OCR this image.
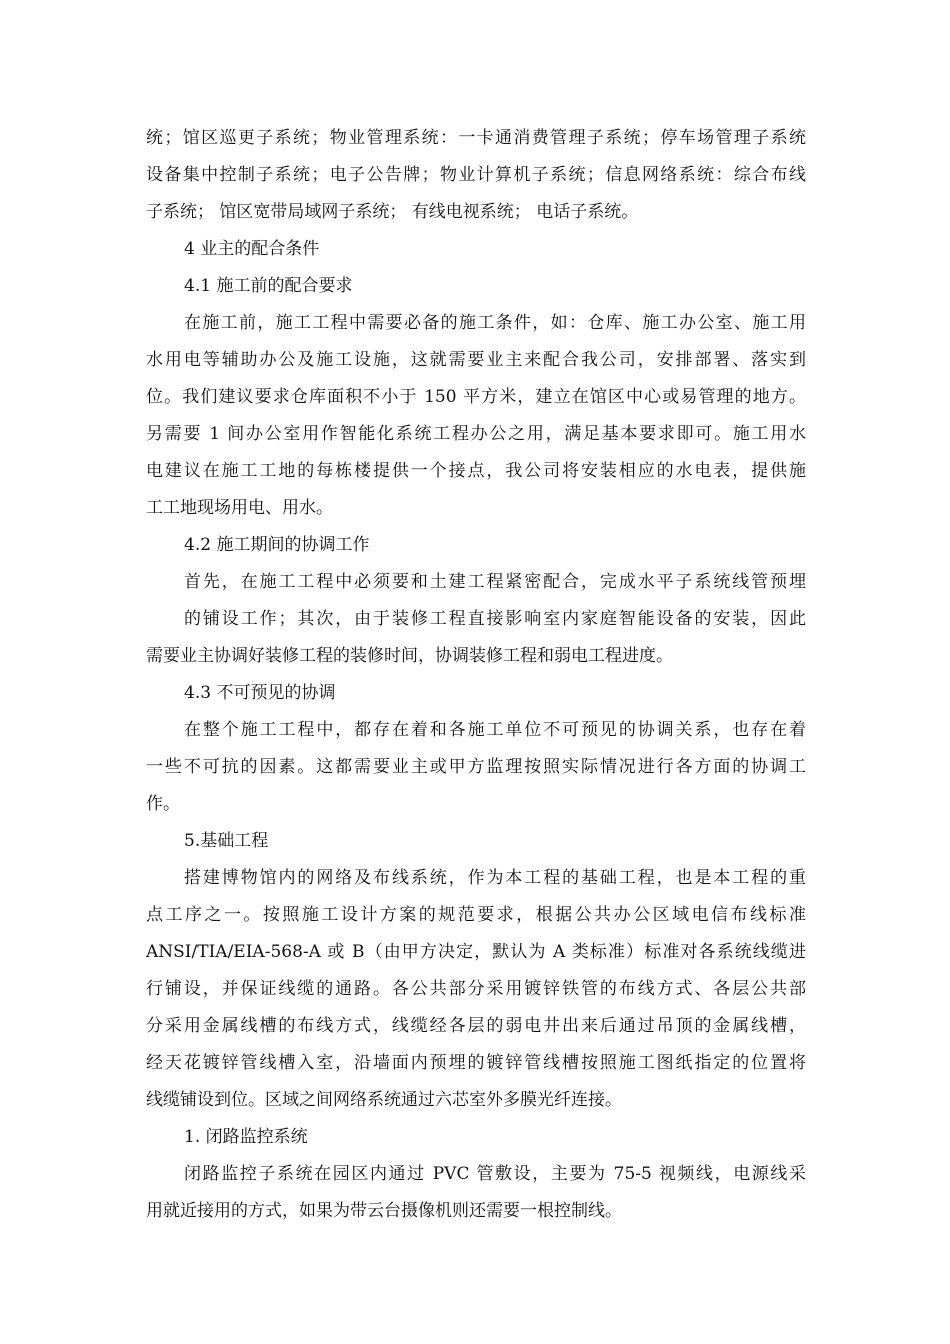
统；馆区巡更子系统；物业管理系统：一卡通消费管理子系统；停车场管理子系统
设备集中控制子系统；电子公告牌；物业计算机子系统；信息网络系统：综合布线
子系统； 馆区宽带局域网子系统； 有线电视系统； 电话子系统。
4 业主的配合条件
4.1 施工前的配合要求
在施工前，施工工程中需要必备的施工条件，如：仓库、施工办公室、施工用
水用电等辅助办公及施工设施，这就需要业主来配合我公司，安排部署、落实到
位。我们建议要求仓库面积不小于 150 平方米，建立在馆区中心或易管理的地方。
另需要 1 间办公室用作智能化系统工程办公之用，满足基本要求即可。施工用水
电建议在施工工地的每栋楼提供一个接点，我公司将安装相应的水电表，提供施
工工地现场用电、用水。
4.2 施工期间的协调工作
首先，在施工工程中必须要和土建工程紧密配合，完成水平子系统线管预埋
的铺设工作；其次，由于装修工程直接影响室内家庭智能设备的安装，因此
需要业主协调好装修工程的装修时间，协调装修工程和弱电工程进度。
4.3 不可预见的协调
在整个施工工程中，都存在着和各施工单位不可预见的协调关系，也存在着
一些不可抗的因素。这都需要业主或甲方监理按照实际情况进行各方面的协调工
作。
5.基础工程
搭建博物馆内的网络及布线系统，作为本工程的基础工程，也是本工程的重
点工序之一。按照施工设计方案的规范要求，根据公共办公区域电信布线标准
ANSI/TIA/EIA-568-A 或 B（由甲方决定，默认为 A 类标准）标准对各系统线缆进
行铺设，并保证线缆的通路。各公共部分采用镀锌铁管的布线方式、各层公共部
分采用金属线槽的布线方式，线缆经各层的弱电井出来后通过吊顶的金属线槽，
经天花镀锌管线槽入室，沿墙面内预埋的镀锌管线槽按照施工图纸指定的位置将
线缆铺设到位。区域之间网络系统通过六芯室外多膜光纤连接。
1. 闭路监控系统
闭路监控子系统在园区内通过 PVC 管敷设，主要为 75-5 视频线，电源线采
用就近接用的方式，如果为带云台摄像机则还需要一根控制线。
